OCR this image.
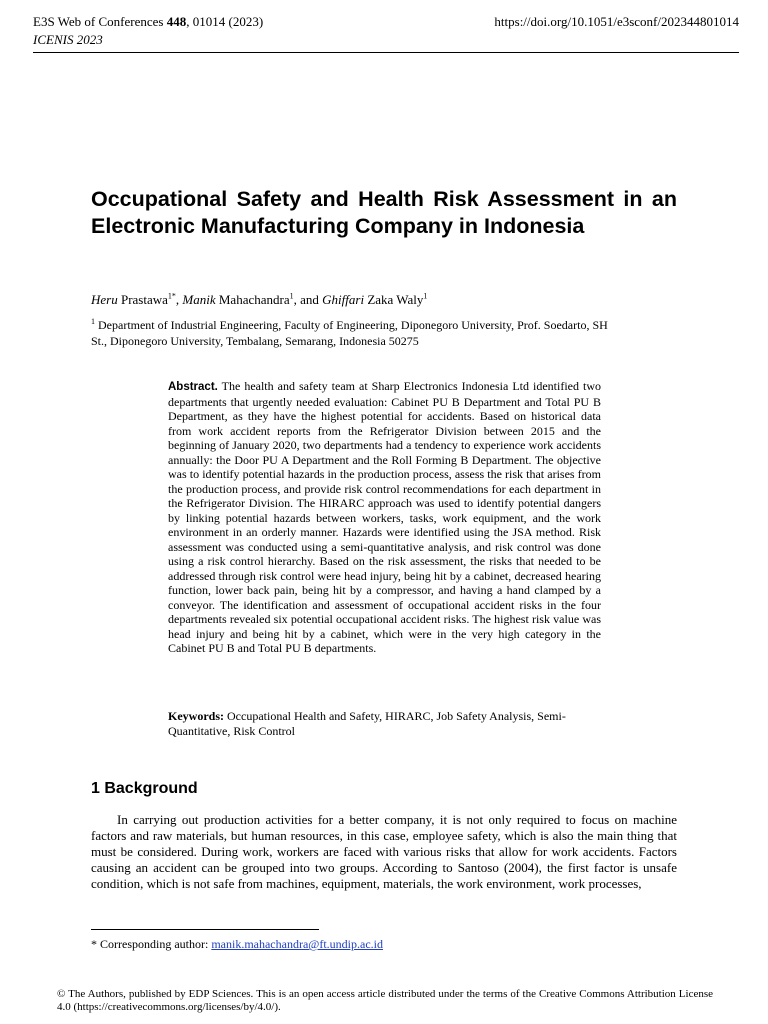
E3S Web of Conferences 448, 01014 (2023)
ICENIS 2023
https://doi.org/10.1051/e3sconf/202344801014
Occupational Safety and Health Risk Assessment in an Electronic Manufacturing Company in Indonesia
Heru Prastawa$^{1*}$, Manik Mahachandra$^1$, and Ghiffari Zaka Waly$^1$
$^1$ Department of Industrial Engineering, Faculty of Engineering, Diponegoro University, Prof. Soedarto, SH St., Diponegoro University, Tembalang, Semarang, Indonesia 50275
Abstract. The health and safety team at Sharp Electronics Indonesia Ltd identified two departments that urgently needed evaluation: Cabinet PU B Department and Total PU B Department, as they have the highest potential for accidents. Based on historical data from work accident reports from the Refrigerator Division between 2015 and the beginning of January 2020, two departments had a tendency to experience work accidents annually: the Door PU A Department and the Roll Forming B Department. The objective was to identify potential hazards in the production process, assess the risk that arises from the production process, and provide risk control recommendations for each department in the Refrigerator Division. The HIRARC approach was used to identify potential dangers by linking potential hazards between workers, tasks, work equipment, and the work environment in an orderly manner. Hazards were identified using the JSA method. Risk assessment was conducted using a semi-quantitative analysis, and risk control was done using a risk control hierarchy. Based on the risk assessment, the risks that needed to be addressed through risk control were head injury, being hit by a cabinet, decreased hearing function, lower back pain, being hit by a compressor, and having a hand clamped by a conveyor. The identification and assessment of occupational accident risks in the four departments revealed six potential occupational accident risks. The highest risk value was head injury and being hit by a cabinet, which were in the very high category in the Cabinet PU B and Total PU B departments.
Keywords: Occupational Health and Safety, HIRARC, Job Safety Analysis, Semi-Quantitative, Risk Control
1 Background

In carrying out production activities for a better company, it is not only required to focus on machine factors and raw materials, but human resources, in this case, employee safety, which is also the main thing that must be considered. During work, workers are faced with various risks that allow for work accidents. Factors causing an accident can be grouped into two groups. According to Santoso (2004), the first factor is unsafe condition, which is not safe from machines, equipment, materials, the work environment, work processes,

* Corresponding author: manik.mahachandra@ft.undip.ac.id
© The Authors, published by EDP Sciences. This is an open access article distributed under the terms of the Creative Commons Attribution License 4.0 (https://creativecommons.org/licenses/by/4.0/).
